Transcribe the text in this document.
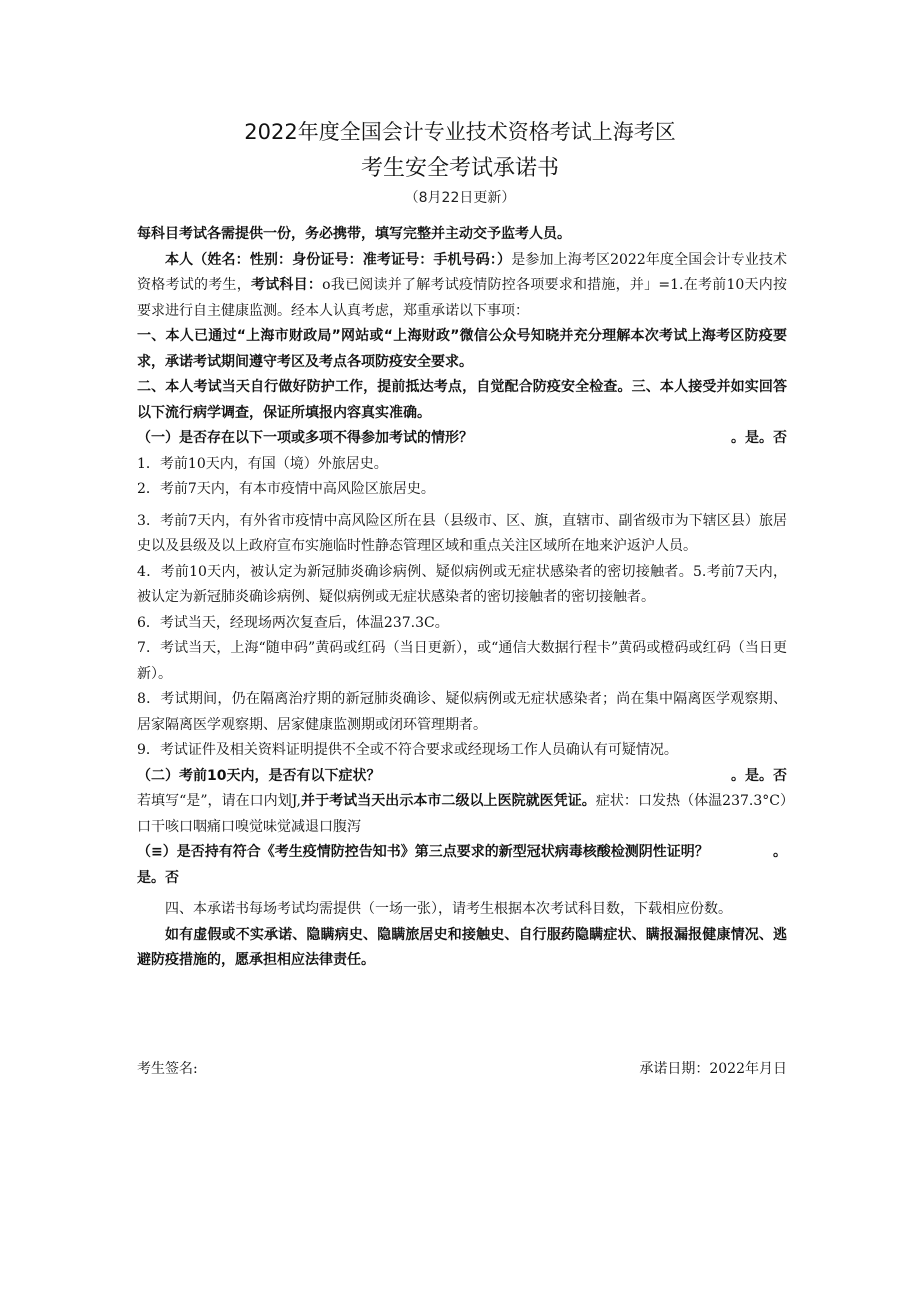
2022年度全国会计专业技术资格考试上海考区
考生安全考试承诺书
（8月22日更新）

每科目考试各需提供一份，务必携带，填写完整并主动交予监考人员。

本人（姓名：性别：身份证号：准考证号：手机号码：）是参加上海考区2022年度全国会计专业技术资格考试的考生，考试科目：o我已阅读并了解考试疫情防控各项要求和措施，并」=1.在考前10天内按要求进行自主健康监测。经本人认真考虑，郑重承诺以下事项：

一、本人已通过“上海市财政局”网站或“上海财政”微信公众号知晓并充分理解本次考试上海考区防疫要求，承诺考试期间遵守考区及考点各项防疫安全要求。

二、本人考试当天自行做好防护工作，提前抵达考点，自觉配合防疫安全检查。三、本人接受并如实回答以下流行病学调查，保证所填报内容真实准确。

（一）是否存在以下一项或多项不得参加考试的情形？	。是。否

1．考前10天内，有国（境）外旅居史。

2．考前7天内，有本市疫情中高风险区旅居史。

3．考前7天内，有外省市疫情中高风险区所在县（县级市、区、旗，直辖市、副省级市为下辖区县）旅居史以及县级及以上政府宣布实施临时性静态管理区域和重点关注区域所在地来沪返沪人员。

4．考前10天内，被认定为新冠肺炎确诊病例、疑似病例或无症状感染者的密切接触者。5.考前7天内，被认定为新冠肺炎确诊病例、疑似病例或无症状感染者的密切接触者的密切接触者。

6．考试当天，经现场两次复查后，体温237.3C。

7．考试当天，上海“随申码”黄码或红码（当日更新），或“通信大数据行程卡”黄码或橙码或红码（当日更新）。

8．考试期间，仍在隔离治疗期的新冠肺炎确诊、疑似病例或无症状感染者；尚在集中隔离医学观察期、居家隔离医学观察期、居家健康监测期或闭环管理期者。

9．考试证件及相关资料证明提供不全或不符合要求或经现场工作人员确认有可疑情况。

（二）考前10天内，是否有以下症状？	。是。否

若填写“是”，请在口内划J,并于考试当天出示本市二级以上医院就医凭证。症状：口发热（体温237.3°C）口干咳口咽痛口嗅觉味觉减退口腹泻

（≡）是否持有符合《考生疫情防控告知书》第三点要求的新型冠状病毒核酸检测阴性证明？	。

是。否

四、本承诺书每场考试均需提供（一场一张），请考生根据本次考试科目数，下载相应份数。

如有虚假或不实承诺、隐瞒病史、隐瞒旅居史和接触史、自行服药隐瞒症状、瞒报漏报健康情况、逃避防疫措施的，愿承担相应法律责任。

考生签名:	承诺日期：2022年月日
